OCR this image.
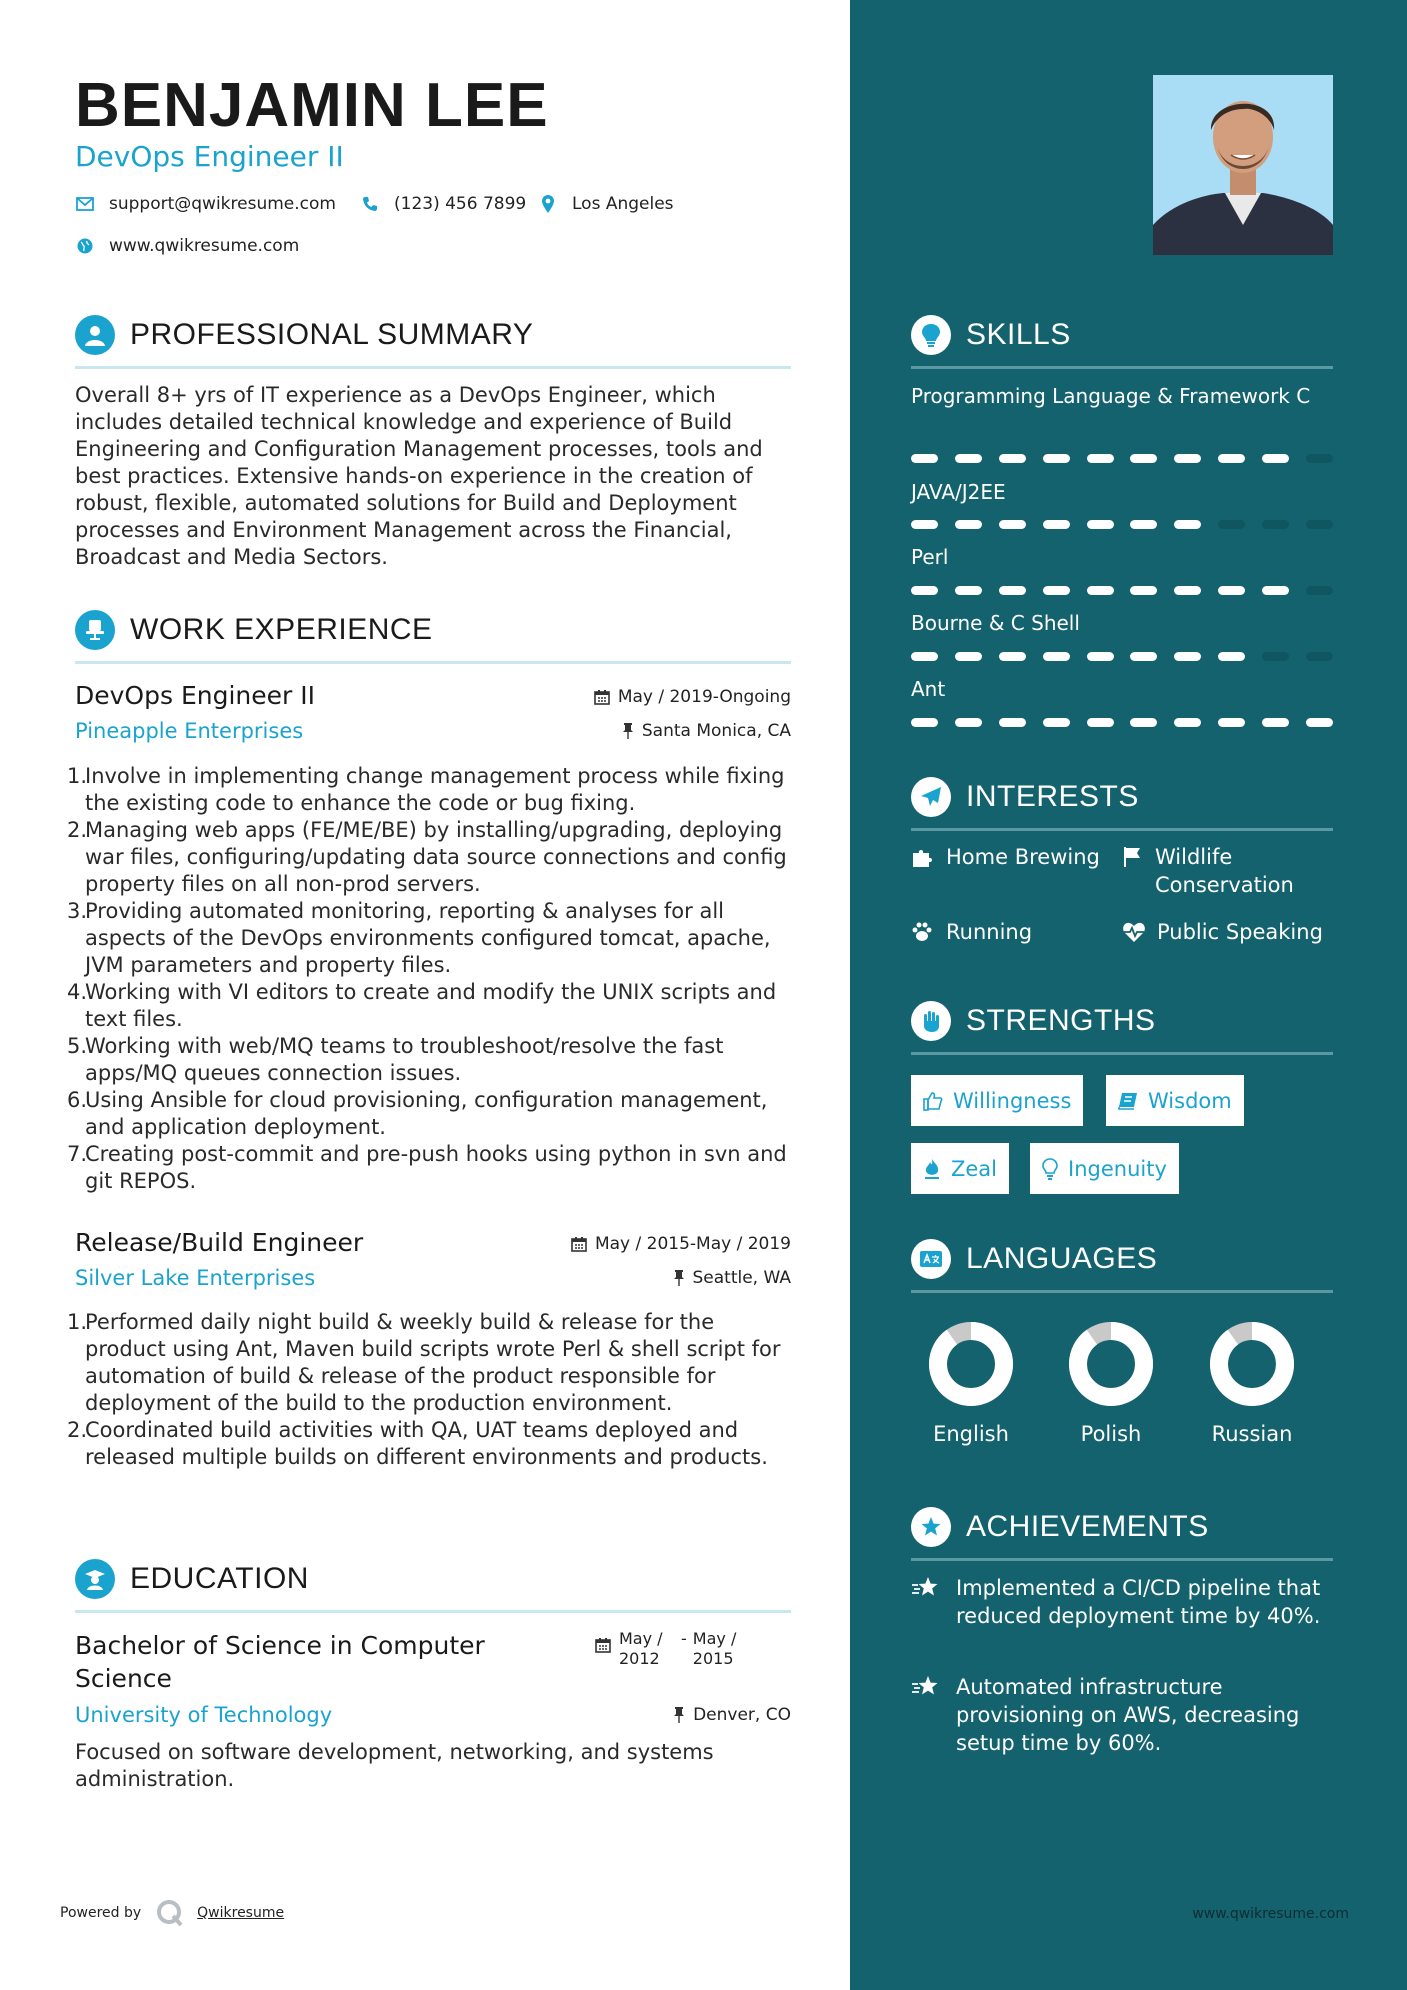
BENJAMIN LEE
DevOps Engineer II
support@qwikresume.com	(123) 456 7899	Los Angeles
www.qwikresume.com
PROFESSIONAL SUMMARY

Overall 8+ yrs of IT experience as a DevOps Engineer, which includes detailed technical knowledge and experience of Build Engineering and Configuration Management processes, tools and best practices. Extensive hands-on experience in the creation of robust, flexible, automated solutions for Build and Deployment processes and Environment Management across the Financial, Broadcast and Media Sectors.

WORK EXPERIENCE
DevOps Engineer II
Pineapple Enterprises
May / 2019-Ongoing
Santa Monica, CA
1.
Involve in implementing change management process while fixing the existing code to enhance the code or bug fixing.
2.
Managing web apps (FE/ME/BE) by installing/upgrading, deploying war files, configuring/updating data source connections and config property files on all non-prod servers.
3.
Providing automated monitoring, reporting & analyses for all aspects of the DevOps environments configured tomcat, apache, JVM parameters and property files.
4.
Working with VI editors to create and modify the UNIX scripts and text files.
5.
Working with web/MQ teams to troubleshoot/resolve the fast apps/MQ queues connection issues.
6.
Using Ansible for cloud provisioning, configuration management, and application deployment.
7.
Creating post-commit and pre-push hooks using python in svn and git REPOS.
Release/Build Engineer
Silver Lake Enterprises
May / 2015-May / 2019
Seattle, WA
1.
Performed daily night build & weekly build & release for the product using Ant, Maven build scripts wrote Perl & shell script for automation of build & release of the product responsible for deployment of the build to the production environment.
2.
Coordinated build activities with QA, UAT teams deployed and released multiple builds on different environments and products.
EDUCATION
Bachelor of Science in Computer Science
May / 2012
- May / 2015
University of Technology	Denver, CO

Focused on software development, networking, and systems administration.

Powered by	Qwikresume	www.qwikresume.com
SKILLS
Programming Language & Framework C
JAVA/J2EE
Perl
Bourne & C Shell
Ant
INTERESTS
Home Brewing	Wildlife Conservation
Running	Public Speaking
STRENGTHS
Willingness	Wisdom
Zeal	Ingenuity
LANGUAGES
English	Polish	Russian
ACHIEVEMENTS
Implemented a CI/CD pipeline that reduced deployment time by 40%.
Automated infrastructure provisioning on AWS, decreasing setup time by 60%.
